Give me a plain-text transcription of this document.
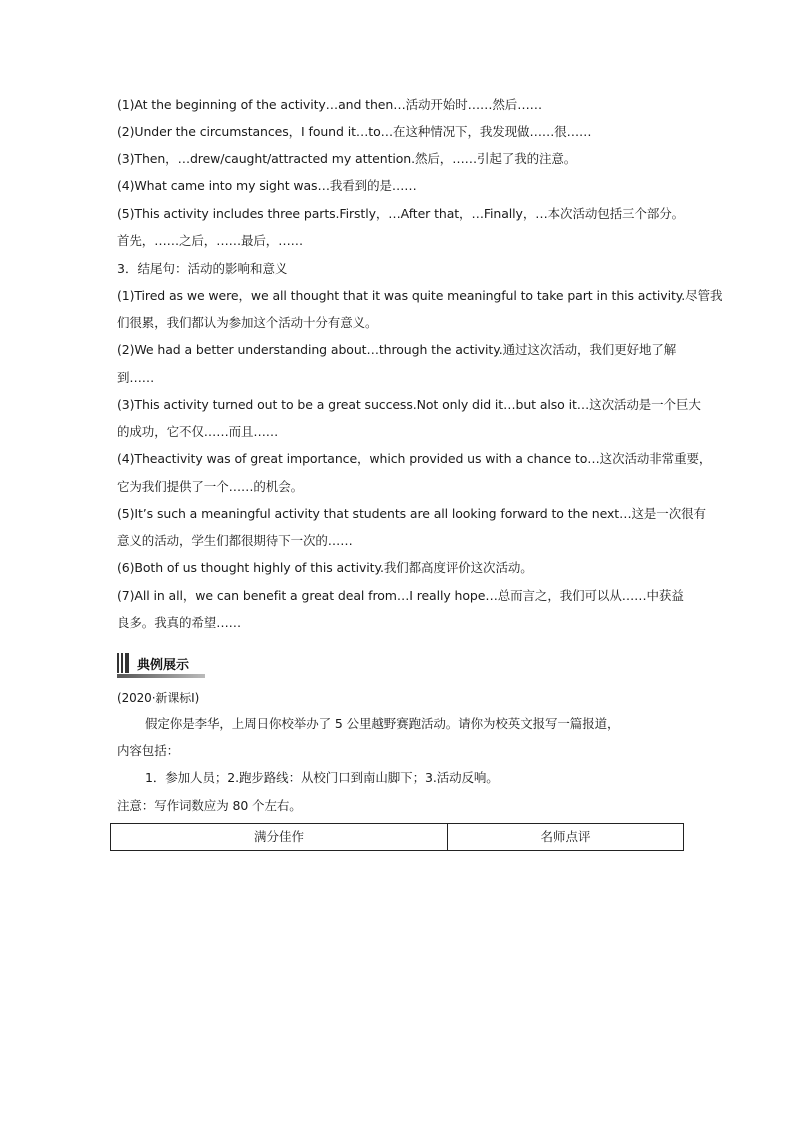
(1)At the beginning of the activity…and then…活动开始时……然后……
(2)Under the circumstances，I found it…to…在这种情况下，我发现做……很……
(3)Then，…drew/caught/attracted my attention.然后，……引起了我的注意。
(4)What came into my sight was…我看到的是……
(5)This activity includes three parts.Firstly，…After that，…Finally，…本次活动包括三个部分。
首先，……之后，……最后，……
3．结尾句：活动的影响和意义
(1)Tired as we were，we all thought that it was quite meaningful to take part in this activity.尽管我
们很累，我们都认为参加这个活动十分有意义。
(2)We had a better understanding about…through the activity.通过这次活动，我们更好地了解
到……
(3)This activity turned out to be a great success.Not only did it…but also it…这次活动是一个巨大
的成功，它不仅……而且……
(4)Theactivity was of great importance，which provided us with a chance to…这次活动非常重要，
它为我们提供了一个……的机会。
(5)It’s such a meaningful activity that students are all looking forward to the next…这是一次很有
意义的活动，学生们都很期待下一次的……
(6)Both of us thought highly of this activity.我们都高度评价这次活动。
(7)All in all，we can benefit a great deal from…I really hope…总而言之，我们可以从……中获益
良多。我真的希望……
典例展示
(2020·新课标Ⅰ)
假定你是李华，上周日你校举办了 5 公里越野赛跑活动。请你为校英文报写一篇报道，
内容包括：
1．参加人员；2.跑步路线：从校门口到南山脚下；3.活动反响。
注意：写作词数应为 80 个左右。
满分佳作	名师点评
